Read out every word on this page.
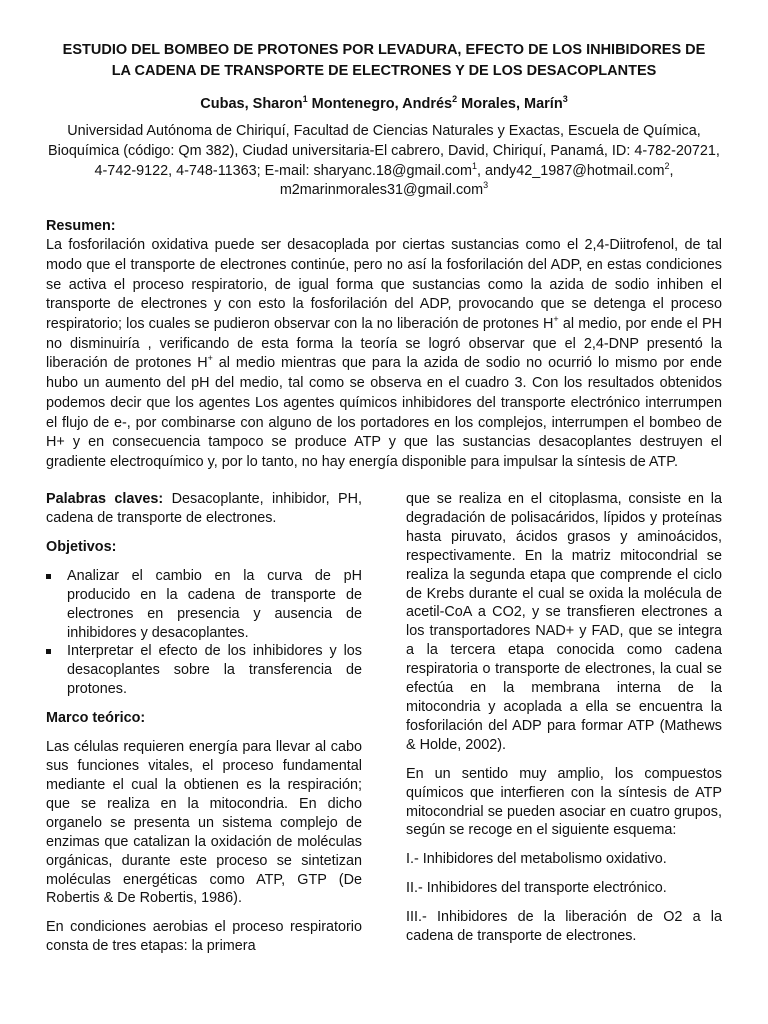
ESTUDIO DEL BOMBEO DE PROTONES POR LEVADURA, EFECTO DE LOS INHIBIDORES DE
LA CADENA DE TRANSPORTE DE ELECTRONES Y DE LOS DESACOPLANTES
Cubas, Sharon$^1$ Montenegro, Andrés$^2$ Morales, Marín$^3$
Universidad Autónoma de Chiriquí, Facultad de Ciencias Naturales y Exactas, Escuela de Química, Bioquímica (código: Qm 382), Ciudad universitaria-El cabrero, David, Chiriquí, Panamá, ID: 4-782-20721, 4-742-9122, 4-748-11363; E-mail: sharyanc.18@gmail.com$^1$, andy42_1987@hotmail.com$^2$, m2marinmorales31@gmail.com$^3$
Resumen:

La fosforilación oxidativa puede ser desacoplada por ciertas sustancias como el 2,4-Diitrofenol, de tal modo que el transporte de electrones continúe, pero no así la fosforilación del ADP, en estas condiciones se activa el proceso respiratorio, de igual forma que sustancias como la azida de sodio inhiben el transporte de electrones y con esto la fosforilación del ADP, provocando que se detenga el proceso respiratorio; los cuales se pudieron observar con la no liberación de protones H+ al medio, por ende el PH no disminuiría , verificando de esta forma la teoría se logró observar que el 2,4-DNP presentó la liberación de protones H+ al medio mientras que para la azida de sodio no ocurrió lo mismo por ende hubo un aumento del pH del medio, tal como se observa en el cuadro 3. Con los resultados obtenidos podemos decir que los agentes Los agentes químicos inhibidores del transporte electrónico interrumpen el flujo de e-, por combinarse con alguno de los portadores en los complejos, interrumpen el bombeo de H+ y en consecuencia tampoco se produce ATP y que las sustancias desacoplantes destruyen el gradiente electroquímico y, por lo tanto, no hay energía disponible para impulsar la síntesis de ATP.

Palabras claves: Desacoplante, inhibidor, PH, cadena de transporte de electrones.

Objetivos:
Analizar el cambio en la curva de pH producido en la cadena de transporte de electrones en presencia y ausencia de inhibidores y desacoplantes.
Interpretar el efecto de los inhibidores y los desacoplantes sobre la transferencia de protones.
Marco teórico:

Las células requieren energía para llevar al cabo sus funciones vitales, el proceso fundamental mediante el cual la obtienen es la respiración; que se realiza en la mitocondria. En dicho organelo se presenta un sistema complejo de enzimas que catalizan la oxidación de moléculas orgánicas, durante este proceso se sintetizan moléculas energéticas como ATP, GTP (De Robertis & De Robertis, 1986).

En condiciones aerobias el proceso respiratorio consta de tres etapas: la primera

que se realiza en el citoplasma, consiste en la degradación de polisacáridos, lípidos y proteínas hasta piruvato, ácidos grasos y aminoácidos, respectivamente. En la matriz mitocondrial se realiza la segunda etapa que comprende el ciclo de Krebs durante el cual se oxida la molécula de acetil-CoA a CO2, y se transfieren electrones a los transportadores NAD+ y FAD, que se integra a la tercera etapa conocida como cadena respiratoria o transporte de electrones, la cual se efectúa en la membrana interna de la mitocondria y acoplada a ella se encuentra la fosforilación del ADP para formar ATP (Mathews & Holde, 2002).

En un sentido muy amplio, los compuestos químicos que interfieren con la síntesis de ATP mitocondrial se pueden asociar en cuatro grupos, según se recoge en el siguiente esquema:

I.- Inhibidores del metabolismo oxidativo.

II.- Inhibidores del transporte electrónico.

III.- Inhibidores de la liberación de O2 a la cadena de transporte de electrones.
